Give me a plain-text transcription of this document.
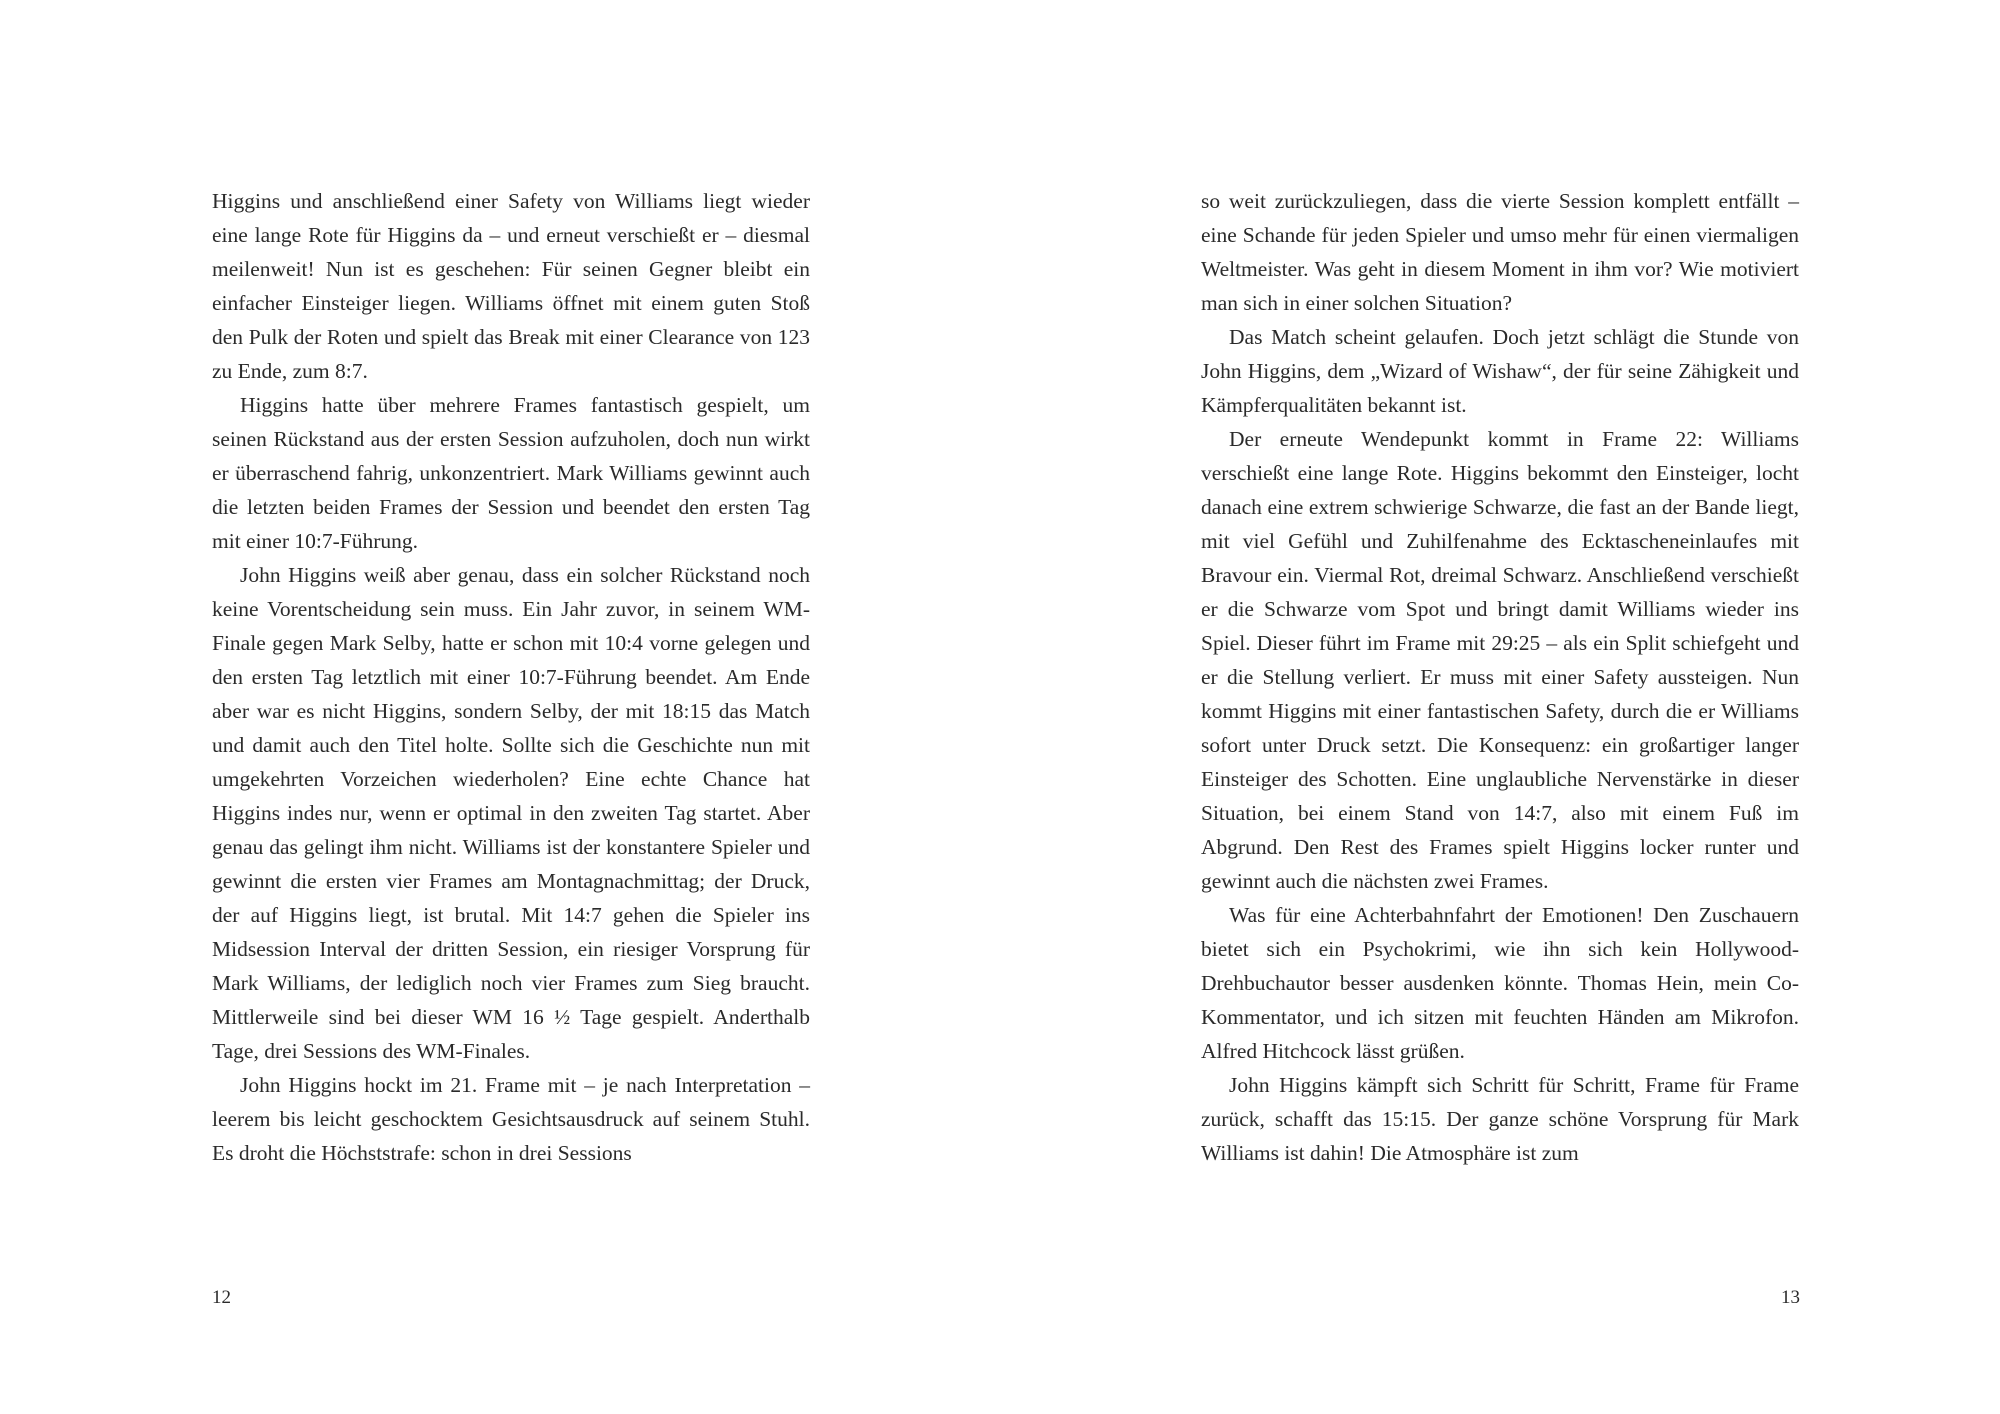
Higgins und anschließend einer Safety von Williams liegt wieder eine lange Rote für Higgins da – und erneut verschießt er – diesmal meilenweit! Nun ist es geschehen: Für seinen Gegner bleibt ein einfacher Einsteiger liegen. Williams öffnet mit einem guten Stoß den Pulk der Roten und spielt das Break mit einer Clearance von 123 zu Ende, zum 8:7.

Higgins hatte über mehrere Frames fantastisch gespielt, um seinen Rückstand aus der ersten Session aufzuholen, doch nun wirkt er überraschend fahrig, unkonzentriert. Mark Williams gewinnt auch die letzten beiden Frames der Session und beendet den ersten Tag mit einer 10:7-Führung.

John Higgins weiß aber genau, dass ein solcher Rückstand noch keine Vorentscheidung sein muss. Ein Jahr zuvor, in seinem WM-Finale gegen Mark Selby, hatte er schon mit 10:4 vorne gelegen und den ersten Tag letztlich mit einer 10:7-Führung beendet. Am Ende aber war es nicht Higgins, sondern Selby, der mit 18:15 das Match und damit auch den Titel holte. Sollte sich die Geschichte nun mit umgekehrten Vorzeichen wiederholen? Eine echte Chance hat Higgins indes nur, wenn er optimal in den zweiten Tag startet. Aber genau das gelingt ihm nicht. Williams ist der konstantere Spieler und gewinnt die ersten vier Frames am Montagnachmittag; der Druck, der auf Higgins liegt, ist brutal. Mit 14:7 gehen die Spieler ins Midsession Interval der dritten Session, ein riesiger Vorsprung für Mark Williams, der lediglich noch vier Frames zum Sieg braucht. Mittlerweile sind bei dieser WM 16 ½ Tage gespielt. Anderthalb Tage, drei Sessions des WM-Finales.

John Higgins hockt im 21. Frame mit – je nach Interpretation – leerem bis leicht geschocktem Gesichtsausdruck auf seinem Stuhl. Es droht die Höchststrafe: schon in drei Sessions

12

so weit zurückzuliegen, dass die vierte Session komplett entfällt – eine Schande für jeden Spieler und umso mehr für einen viermaligen Weltmeister. Was geht in diesem Moment in ihm vor? Wie motiviert man sich in einer solchen Situation?

Das Match scheint gelaufen. Doch jetzt schlägt die Stunde von John Higgins, dem „Wizard of Wishaw“, der für seine Zähigkeit und Kämpferqualitäten bekannt ist.

Der erneute Wendepunkt kommt in Frame 22: Williams verschießt eine lange Rote. Higgins bekommt den Einsteiger, locht danach eine extrem schwierige Schwarze, die fast an der Bande liegt, mit viel Gefühl und Zuhilfenahme des Ecktascheneinlaufes mit Bravour ein. Viermal Rot, dreimal Schwarz. Anschließend verschießt er die Schwarze vom Spot und bringt damit Williams wieder ins Spiel. Dieser führt im Frame mit 29:25 – als ein Split schiefgeht und er die Stellung verliert. Er muss mit einer Safety aussteigen. Nun kommt Higgins mit einer fantastischen Safety, durch die er Williams sofort unter Druck setzt. Die Konsequenz: ein großartiger langer Einsteiger des Schotten. Eine unglaubliche Nervenstärke in dieser Situation, bei einem Stand von 14:7, also mit einem Fuß im Abgrund. Den Rest des Frames spielt Higgins locker runter und gewinnt auch die nächsten zwei Frames.

Was für eine Achterbahnfahrt der Emotionen! Den Zuschauern bietet sich ein Psychokrimi, wie ihn sich kein Hollywood-Drehbuchautor besser ausdenken könnte. Thomas Hein, mein Co-Kommentator, und ich sitzen mit feuchten Händen am Mikrofon. Alfred Hitchcock lässt grüßen.

John Higgins kämpft sich Schritt für Schritt, Frame für Frame zurück, schafft das 15:15. Der ganze schöne Vorsprung für Mark Williams ist dahin! Die Atmosphäre ist zum

13
